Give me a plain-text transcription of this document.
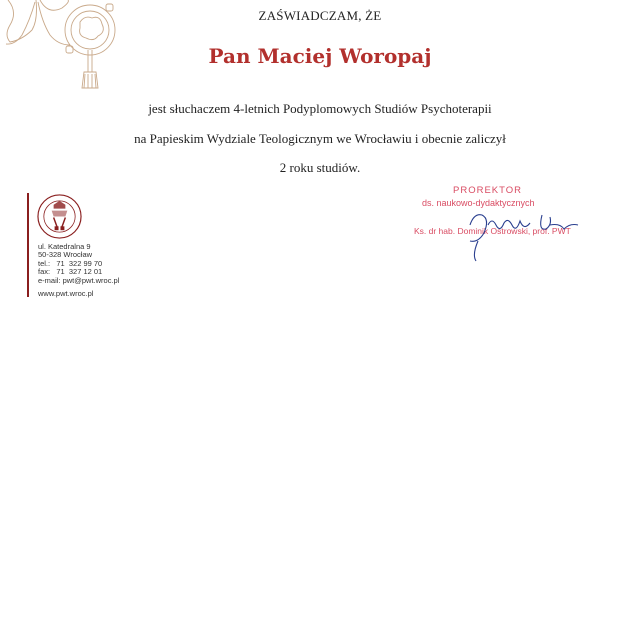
ZAŚWIADCZAM, ŻE
Pan Maciej Woropaj
jest słuchaczem 4-letnich Podyplomowych Studiów Psychoterapii
na Papieskim Wydziale Teologicznym we Wrocławiu i obecnie zaliczył
2 roku studiów.
ul. Katedralna 9
50-328 Wrocław
tel.:   71  322 99 70
fax:   71  327 12 01
e-mail: pwt@pwt.wroc.pl
www.pwt.wroc.pl
PROREKTOR
ds. naukowo-dydaktycznych
Ks. dr hab. Dominik Ostrowski, prof. PWT
